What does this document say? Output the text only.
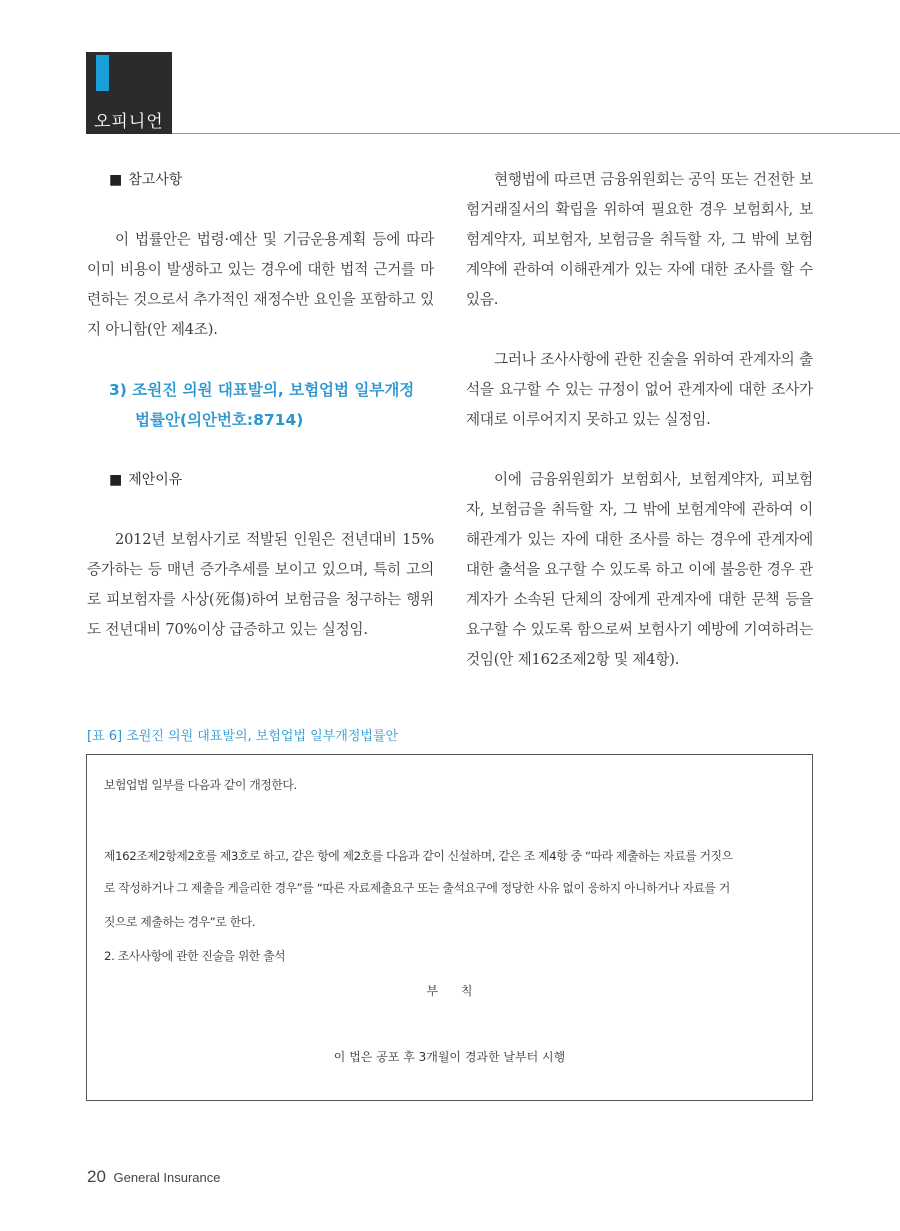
오피니언

■ 참고사항

이 법률안은 법령·예산 및 기금운용계획 등에 따라 이미 비용이 발생하고 있는 경우에 대한 법적 근거를 마련하는 것으로서 추가적인 재정수반 요인을 포함하고 있지 아니함(안 제4조).

3) 조원진 의원 대표발의, 보험업법 일부개정
법률안(의안번호:8714)

■ 제안이유

2012년 보험사기로 적발된 인원은 전년대비 15% 증가하는 등 매년 증가추세를 보이고 있으며, 특히 고의로 피보험자를 사상(死傷)하여 보험금을 청구하는 행위도 전년대비 70%이상 급증하고 있는 실정임.

현행법에 따르면 금융위원회는 공익 또는 건전한 보험거래질서의 확립을 위하여 필요한 경우 보험회사, 보험계약자, 피보험자, 보험금을 취득할 자, 그 밖에 보험계약에 관하여 이해관계가 있는 자에 대한 조사를 할 수 있음.

그러나 조사사항에 관한 진술을 위하여 관계자의 출석을 요구할 수 있는 규정이 없어 관계자에 대한 조사가 제대로 이루어지지 못하고 있는 실정임.

이에 금융위원회가 보험회사, 보험계약자, 피보험자, 보험금을 취득할 자, 그 밖에 보험계약에 관하여 이해관계가 있는 자에 대한 조사를 하는 경우에 관계자에 대한 출석을 요구할 수 있도록 하고 이에 불응한 경우 관계자가 소속된 단체의 장에게 관계자에 대한 문책 등을 요구할 수 있도록 함으로써 보험사기 예방에 기여하려는 것임(안 제162조제2항 및 제4항).

[표 6] 조원진 의원 대표발의, 보험업법 일부개정법률안
보험업법 일부를 다음과 같이 개정한다.
제162조제2항제2호를 제3호로 하고, 같은 항에 제2호를 다음과 같이 신설하며, 같은 조 제4항 중 “따라 제출하는 자료를 거짓으
로 작성하거나 그 제출을 게을리한 경우”를 “따른 자료제출요구 또는 출석요구에 정당한 사유 없이 응하지 아니하거나 자료를 거
짓으로 제출하는 경우”로 한다.
2. 조사사항에 관한 진술을 위한 출석
부      칙
이 법은 공포 후 3개월이 경과한 날부터 시행
20 General Insurance
